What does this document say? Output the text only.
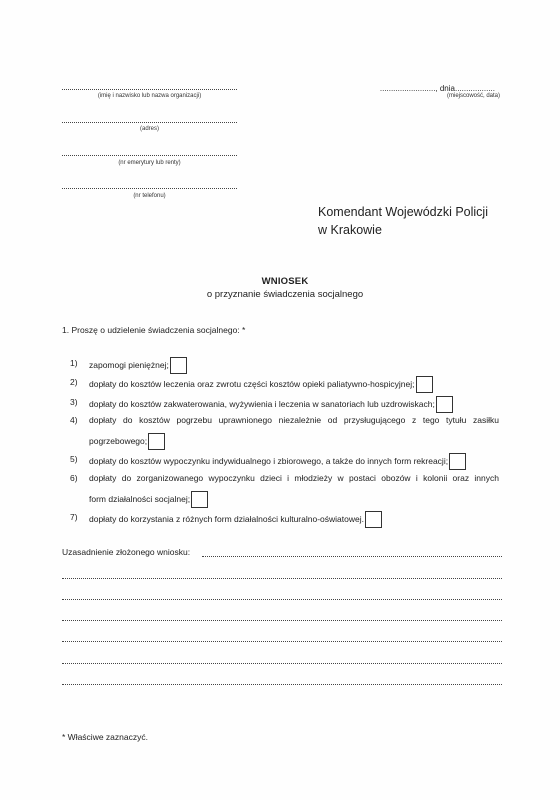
(imię i nazwisko lub nazwa organizacji)
(adres)
(nr emerytury lub renty)
(nr telefonu)
........................., dnia..................
(miejscowość, data)
Komendant Wojewódzki Policji
w Krakowie
WNIOSEK
o przyznanie świadczenia socjalnego
1. Proszę o udzielenie świadczenia socjalnego: *
1)	zapomogi pieniężnej;
2)	dopłaty do kosztów leczenia oraz zwrotu części kosztów opieki paliatywno-hospicyjnej;
3)	dopłaty do kosztów zakwaterowania, wyżywienia i leczenia w sanatoriach lub uzdrowiskach;
4)	dopłaty do kosztów pogrzebu uprawnionego niezależnie od przysługującego z tego tytułu zasiłku
pogrzebowego;
5)	dopłaty do kosztów wypoczynku indywidualnego i zbiorowego, a także do innych form rekreacji;
6)	dopłaty do zorganizowanego wypoczynku dzieci i młodzieży w postaci obozów i kolonii oraz innych
form działalności socjalnej;
7)	dopłaty do korzystania z różnych form działalności kulturalno-oświatowej.
Uzasadnienie złożonego wniosku:
* Właściwe zaznaczyć.
